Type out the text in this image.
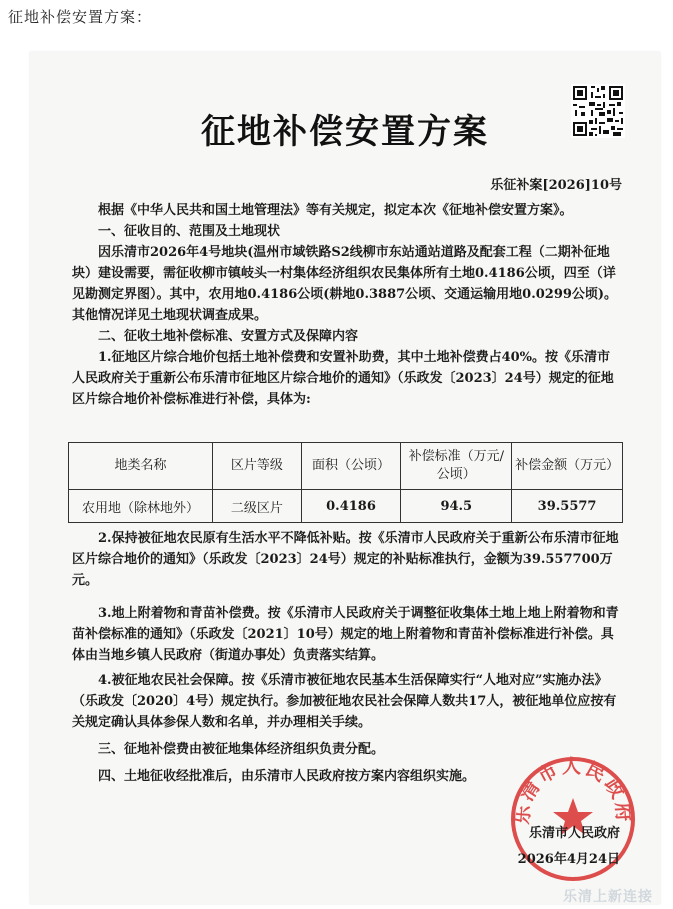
征地补偿安置方案：
征地补偿安置方案
乐征补案[2026]10号

根据《中华人民共和国土地管理法》等有关规定，拟定本次《征地补偿安置方案》。

一、征收目的、范围及土地现状

因乐清市2026年4号地块(温州市域铁路S2线柳市东站通站道路及配套工程（二期补征地块）建设需要，需征收柳市镇岐头一村集体经济组织农民集体所有土地0.4186公顷，四至（详见勘测定界图）。其中，农用地0.4186公顷(耕地0.3887公顷、交通运输用地0.0299公顷)。其他情况详见土地现状调查成果。

二、征收土地补偿标准、安置方式及保障内容

1.征地区片综合地价包括土地补偿费和安置补助费，其中土地补偿费占40%。按《乐清市人民政府关于重新公布乐清市征地区片综合地价的通知》（乐政发〔2023〕24号）规定的征地区片综合地价补偿标准进行补偿，具体为:

地类名称	区片等级	面积（公顷）	补偿标准（万元/公顷）	补偿金额（万元）
农用地（除林地外）	二级区片	0.4186	94.5	39.5577

2.保持被征地农民原有生活水平不降低补贴。按《乐清市人民政府关于重新公布乐清市征地区片综合地价的通知》（乐政发〔2023〕24号）规定的补贴标准执行，金额为39.557700万元。

3.地上附着物和青苗补偿费。按《乐清市人民政府关于调整征收集体土地上地上附着物和青苗补偿标准的通知》（乐政发〔2021〕10号）规定的地上附着物和青苗补偿标准进行补偿。具体由当地乡镇人民政府（街道办事处）负责落实结算。

4.被征地农民社会保障。按《乐清市被征地农民基本生活保障实行“人地对应”实施办法》（乐政发〔2020〕4号）规定执行。参加被征地农民社会保障人数共17人，被征地单位应按有关规定确认具体参保人数和名单，并办理相关手续。

三、征地补偿费由被征地集体经济组织负责分配。

四、土地征收经批准后，由乐清市人民政府按方案内容组织实施。

乐清市人民政府
乐清市人民政府
2026年4月24日
乐清上新连接
